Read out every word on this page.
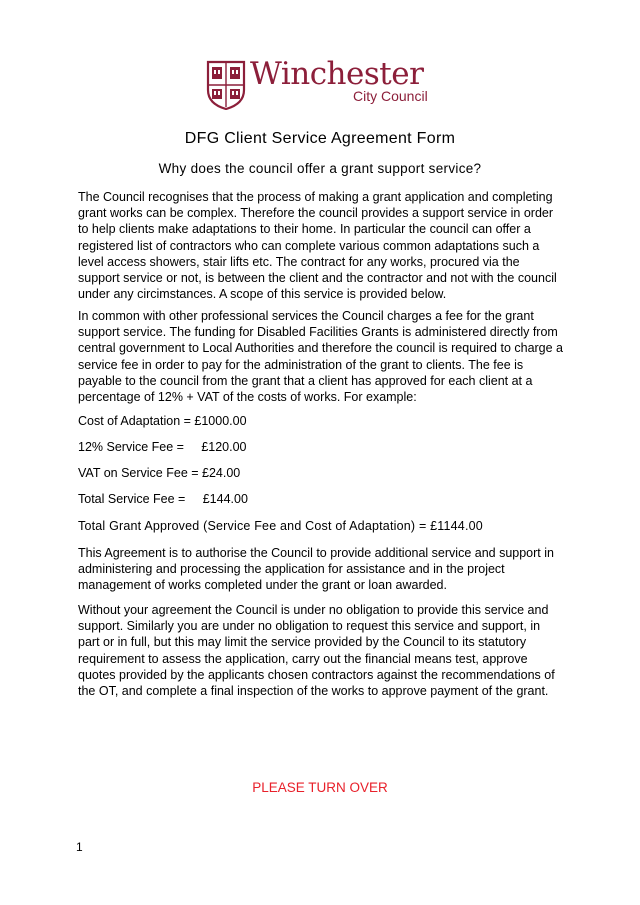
Winchester
City Council
DFG Client Service Agreement Form
Why does the council offer a grant support service?
The Council recognises that the process of making a grant application and completing grant works can be complex. Therefore the council provides a support service in order to help clients make adaptations to their home. In particular the council can offer a registered list of contractors who can complete various common adaptations such a level access showers, stair lifts etc. The contract for any works, procured via the support service or not, is between the client and the contractor and not with the council under any circimstances. A scope of this service is provided below.
In common with other professional services the Council charges a fee for the grant support service. The funding for Disabled Facilities Grants is administered directly from central government to Local Authorities and therefore the council is required to charge a service fee in order to pay for the administration of the grant to clients. The fee is payable to the council from the grant that a client has approved for each client at a percentage of 12% + VAT of the costs of works. For example:
Cost of Adaptation = £1000.00
12% Service Fee =     £120.00
VAT on Service Fee = £24.00
Total Service Fee =     £144.00
Total Grant Approved (Service Fee and Cost of Adaptation) = £1144.00
This Agreement is to authorise the Council to provide additional service and support in administering and processing the application for assistance and in the project management of works completed under the grant or loan awarded.
Without your agreement the Council is under no obligation to provide this service and support. Similarly you are under no obligation to request this service and support, in part or in full, but this may limit the service provided by the Council to its statutory requirement to assess the application, carry out the financial means test, approve quotes provided by the applicants chosen contractors against the recommendations of the OT, and complete a final inspection of the works to approve payment of the grant.
PLEASE TURN OVER
1
